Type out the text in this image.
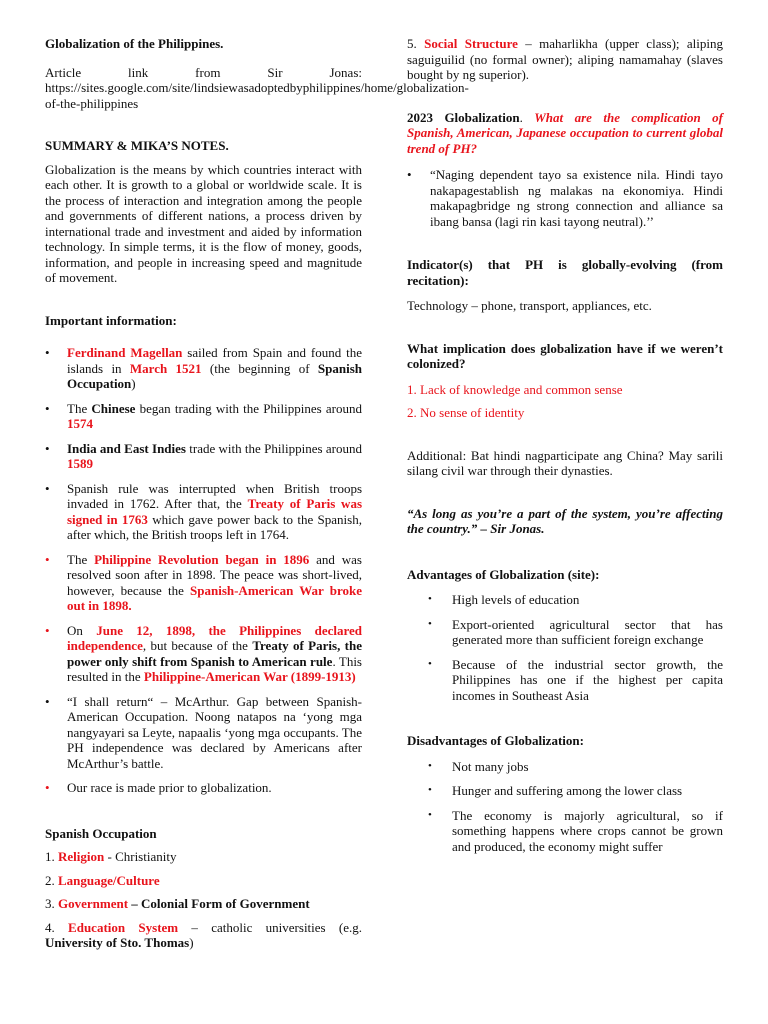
Globalization of the Philippines.

Article link from Sir Jonas: https://sites.google.com/site/lindsiewasadoptedbyphilippines/home/globalization-of-the-philippines

SUMMARY & MIKA’S NOTES.

Globalization is the means by which countries interact with each other. It is growth to a global or worldwide scale. It is the process of interaction and integration among the people and governments of different nations, a process driven by international trade and investment and aided by information technology. In simple terms, it is the flow of money, goods, information, and people in increasing speed and magnitude of movement.

Important information:

• Ferdinand Magellan sailed from Spain and found the islands in March 1521 (the beginning of Spanish Occupation)
• The Chinese began trading with the Philippines around 1574
• India and East Indies trade with the Philippines around 1589
• Spanish rule was interrupted when British troops invaded in 1762. After that, the Treaty of Paris was signed in 1763 which gave power back to the Spanish, after which, the British troops left in 1764.
• The Philippine Revolution began in 1896 and was resolved soon after in 1898. The peace was short-lived, however, because the Spanish-American War broke out in 1898.
• On June 12, 1898, the Philippines declared independence, but because of the Treaty of Paris, the power only shift from Spanish to American rule. This resulted in the Philippine-American War (1899-1913)
• “I shall return“ – McArthur. Gap between Spanish-American Occupation. Noong natapos na ‘yong mga nangyayari sa Leyte, napaalis ‘yong mga occupants. The PH independence was declared by Americans after McArthur’s battle.
• Our race is made prior to globalization.

Spanish Occupation

1. Religion - Christianity

2. Language/Culture

3. Government – Colonial Form of Government

4. Education System – catholic universities (e.g. University of Sto. Thomas)

5. Social Structure – maharlikha (upper class); aliping saguiguilid (no formal owner); aliping namamahay (slaves bought by ng superior).

2023 Globalization. What are the complication of Spanish, American, Japanese occupation to current global trend of PH?

• “Naging dependent tayo sa existence nila. Hindi tayo nakapagestablish ng malakas na ekonomiya. Hindi makapagbridge ng strong connection and alliance sa ibang bansa (lagi rin kasi tayong neutral).’’

Indicator(s) that PH is globally-evolving (from recitation):

Technology – phone, transport, appliances, etc.

What implication does globalization have if we weren’t colonized?

1. Lack of knowledge and common sense

2. No sense of identity

Additional: Bat hindi nagparticipate ang China? May sarili silang civil war through their dynasties.

“As long as you’re a part of the system, you’re affecting the country.” – Sir Jonas.

Advantages of Globalization (site):

• High levels of education
• Export-oriented agricultural sector that has generated more than sufficient foreign exchange
• Because of the industrial sector growth, the Philippines has one if the highest per capita incomes in Southeast Asia

Disadvantages of Globalization:

• Not many jobs
• Hunger and suffering among the lower class
• The economy is majorly agricultural, so if something happens where crops cannot be grown and produced, the economy might suffer
